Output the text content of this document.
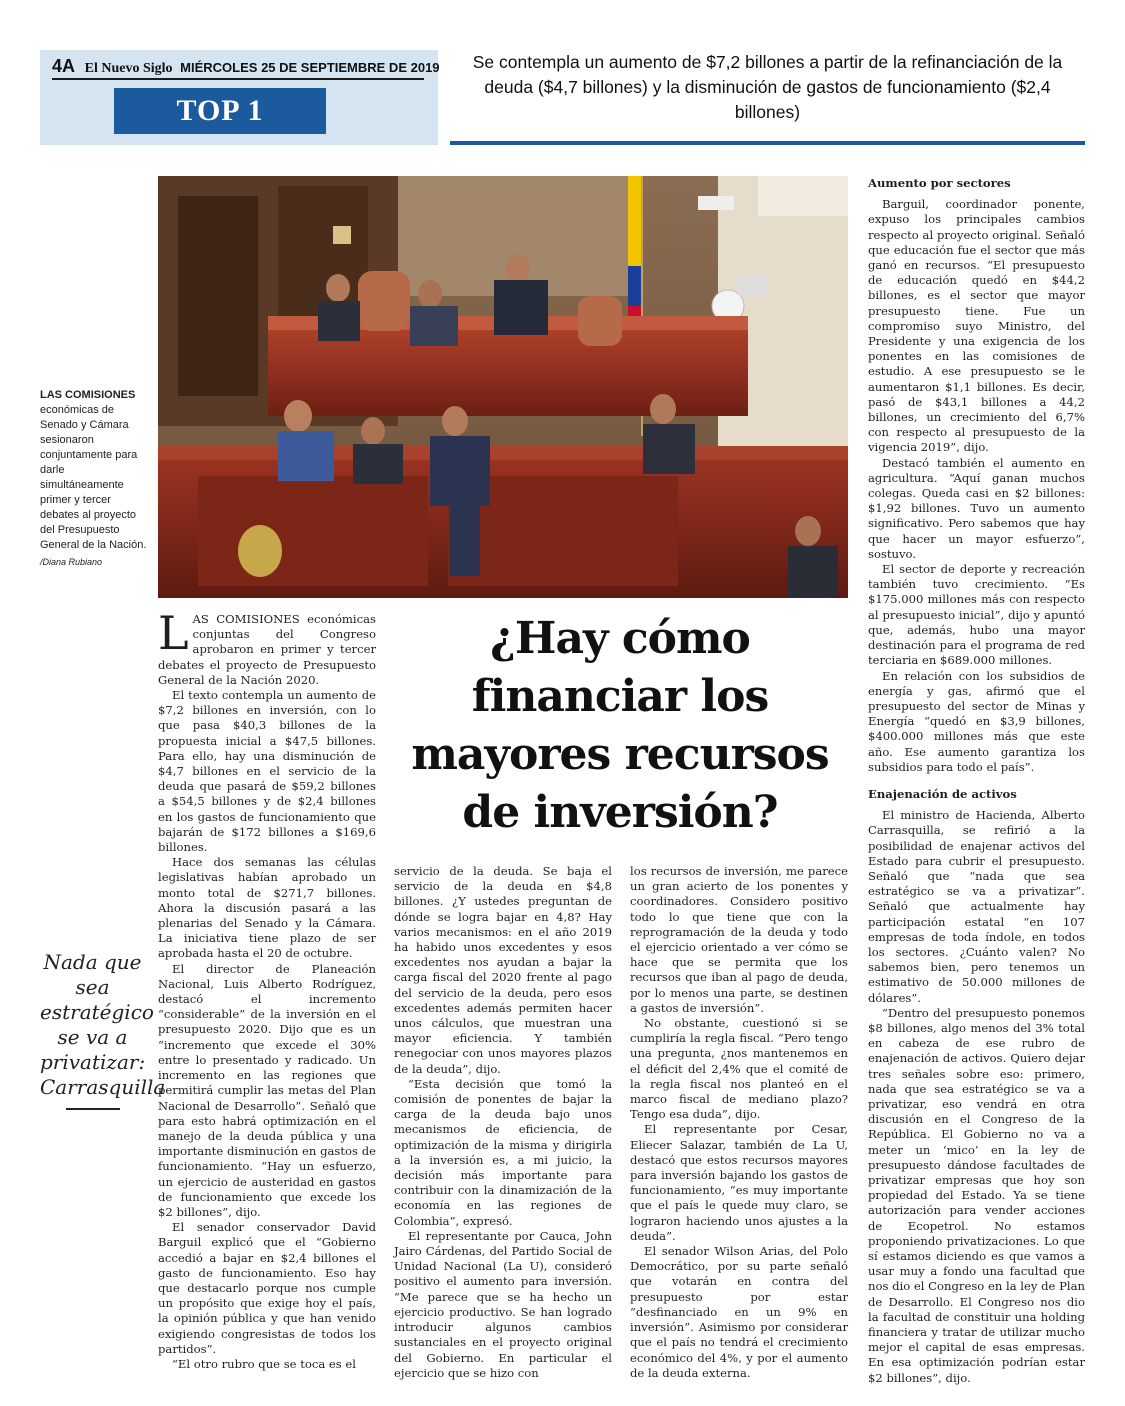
4A El Nuevo Siglo MIÉRCOLES 25 DE SEPTIEMBRE DE 2019
TOP 1
Se contempla un aumento de $7,2 billones a partir de la refinanciación de la deuda ($4,7 billones) y la disminución de gastos de funcionamiento ($2,4 billones)
LAS COMISIONES económicas de Senado y Cámara sesionaron conjuntamente para darle simultáneamente primer y tercer debates al proyecto del Presupuesto General de la Nación.
/Diana Rubiano
Nada que sea estratégico se va a privatizar: Carrasquilla
¿Hay cómo financiar los mayores recursos de inversión?

LAS COMISIONES económicas conjuntas del Congreso aprobaron en primer y tercer debates el proyecto de Presupuesto General de la Nación 2020.

El texto contempla un aumento de $7,2 billones en inversión, con lo que pasa $40,3 billones de la propuesta inicial a $47,5 billones. Para ello, hay una disminución de $4,7 billones en el servicio de la deuda que pasará de $59,2 billones a $54,5 billones y de $2,4 billones en los gastos de funcionamiento que bajarán de $172 billones a $169,6 billones.

Hace dos semanas las células legislativas habían aprobado un monto total de $271,7 billones. Ahora la discusión pasará a las plenarias del Senado y la Cámara. La iniciativa tiene plazo de ser aprobada hasta el 20 de octubre.

El director de Planeación Nacional, Luis Alberto Rodríguez, destacó el incremento “considerable” de la inversión en el presupuesto 2020. Dijo que es un “incremento que excede el 30% entre lo presentado y radicado. Un incremento en las regiones que permitirá cumplir las metas del Plan Nacional de Desarrollo”. Señaló que para esto habrá optimización en el manejo de la deuda pública y una importante disminución en gastos de funcionamiento. “Hay un esfuerzo, un ejercicio de austeridad en gastos de funcionamiento que excede los $2 billones”, dijo.

El senador conservador David Barguil explicó que el “Gobierno accedió a bajar en $2,4 billones el gasto de funcionamiento. Eso hay que destacarlo porque nos cumple un propósito que exige hoy el país, la opinión pública y que han venido exigiendo congresistas de todos los partidos”.

“El otro rubro que se toca es el

servicio de la deuda. Se baja el servicio de la deuda en $4,8 billones. ¿Y ustedes preguntan de dónde se logra bajar en 4,8? Hay varios mecanismos: en el año 2019 ha habido unos excedentes y esos excedentes nos ayudan a bajar la carga fiscal del 2020 frente al pago del servicio de la deuda, pero esos excedentes además permiten hacer unos cálculos, que muestran una mayor eficiencia. Y también renegociar con unos mayores plazos de la deuda”, dijo.

“Esta decisión que tomó la comisión de ponentes de bajar la carga de la deuda bajo unos mecanismos de eficiencia, de optimización de la misma y dirigirla a la inversión es, a mi juicio, la decisión más importante para contribuir con la dinamización de la economía en las regiones de Colombia”, expresó.

El representante por Cauca, John Jairo Cárdenas, del Partido Social de Unidad Nacional (La U), consideró positivo el aumento para inversión. “Me parece que se ha hecho un ejercicio productivo. Se han logrado introducir algunos cambios sustanciales en el proyecto original del Gobierno. En particular el ejercicio que se hizo con

los recursos de inversión, me parece un gran acierto de los ponentes y coordinadores. Considero positivo todo lo que tiene que con la reprogramación de la deuda y todo el ejercicio orientado a ver cómo se hace que se permita que los recursos que iban al pago de deuda, por lo menos una parte, se destinen a gastos de inversión”.

No obstante, cuestionó si se cumpliría la regla fiscal. “Pero tengo una pregunta, ¿nos mantenemos en el déficit del 2,4% que el comité de la regla fiscal nos planteó en el marco fiscal de mediano plazo? Tengo esa duda”, dijo.

El representante por Cesar, Eliecer Salazar, también de La U, destacó que estos recursos mayores para inversión bajando los gastos de funcionamiento, “es muy importante que el país le quede muy claro, se lograron haciendo unos ajustes a la deuda”.

El senador Wilson Arias, del Polo Democrático, por su parte señaló que votarán en contra del presupuesto por estar “desfinanciado en un 9% en inversión”. Asimismo por considerar que el país no tendrá el crecimiento económico del 4%, y por el aumento de la deuda externa.

Aumento por sectores

Barguil, coordinador ponente, expuso los principales cambios respecto al proyecto original. Señaló que educación fue el sector que más ganó en recursos. “El presupuesto de educación quedó en $44,2 billones, es el sector que mayor presupuesto tiene. Fue un compromiso suyo Ministro, del Presidente y una exigencia de los ponentes en las comisiones de estudio. A ese presupuesto se le aumentaron $1,1 billones. Es decir, pasó de $43,1 billones a 44,2 billones, un crecimiento del 6,7% con respecto al presupuesto de la vigencia 2019”, dijo.

Destacó también el aumento en agricultura. “Aquí ganan muchos colegas. Queda casi en $2 billones: $1,92 billones. Tuvo un aumento significativo. Pero sabemos que hay que hacer un mayor esfuerzo”, sostuvo.

El sector de deporte y recreación también tuvo crecimiento. “Es $175.000 millones más con respecto al presupuesto inicial”, dijo y apuntó que, además, hubo una mayor destinación para el programa de red terciaria en $689.000 millones.

En relación con los subsidios de energía y gas, afirmó que el presupuesto del sector de Minas y Energía “quedó en $3,9 billones, $400.000 millones más que este año. Ese aumento garantiza los subsidios para todo el país”.

Enajenación de activos

El ministro de Hacienda, Alberto Carrasquilla, se refirió a la posibilidad de enajenar activos del Estado para cubrir el presupuesto. Señaló que “nada que sea estratégico se va a privatizar”. Señaló que actualmente hay participación estatal “en 107 empresas de toda índole, en todos los sectores. ¿Cuánto valen? No sabemos bien, pero tenemos un estimativo de 50.000 millones de dólares”.

“Dentro del presupuesto ponemos $8 billones, algo menos del 3% total en cabeza de ese rubro de enajenación de activos. Quiero dejar tres señales sobre eso: primero, nada que sea estratégico se va a privatizar, eso vendrá en otra discusión en el Congreso de la República. El Gobierno no va a meter un ‘mico’ en la ley de presupuesto dándose facultades de privatizar empresas que hoy son propiedad del Estado. Ya se tiene autorización para vender acciones de Ecopetrol. No estamos proponiendo privatizaciones. Lo que sí estamos diciendo es que vamos a usar muy a fondo una facultad que nos dio el Congreso en la ley de Plan de Desarrollo. El Congreso nos dio la facultad de constituir una holding financiera y tratar de utilizar mucho mejor el capital de esas empresas. En esa optimización podrían estar $2 billones”, dijo.
